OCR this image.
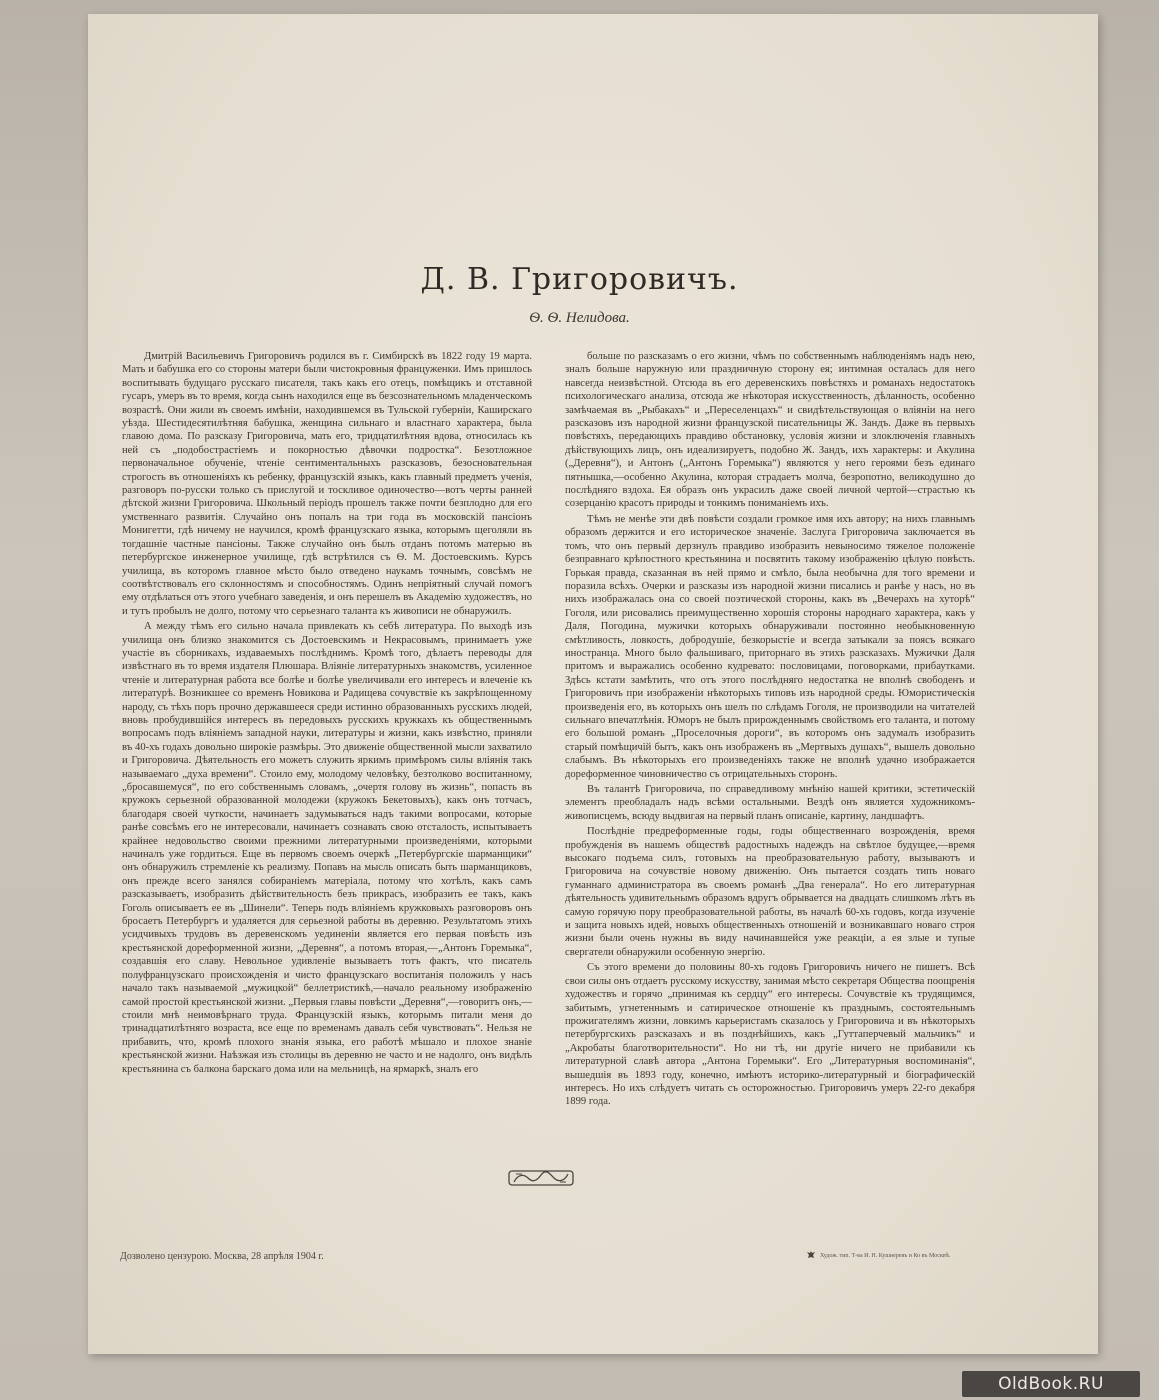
Д. В. Григоровичъ.
Ѳ. Ѳ. Нелидова.

Дмитрій Васильевичъ Григоровичъ родился въ г. Симбирскѣ въ 1822 году 19 марта. Мать и бабушка его со стороны матери были чистокровныя француженки. Имъ пришлось воспитывать будущаго русскаго писателя, такъ какъ его отецъ, помѣщикъ и отставной гусаръ, умеръ въ то время, когда сынъ находился еще въ безсознательномъ младенческомъ возрастѣ. Они жили въ своемъ имѣніи, находившемся въ Тульской губерніи, Каширскаго уѣзда. Шестидесятилѣтняя бабушка, женщина сильнаго и властнаго характера, была главою дома. По разсказу Григоровича, мать его, тридцатилѣтняя вдова, относилась къ ней съ „подобострастіемъ и покорностью дѣвочки подростка“. Безотложное первоначальное обученіе, чтеніе сентиментальныхъ разсказовъ, безосновательная строгость въ отношеніяхъ къ ребенку, французскій языкъ, какъ главный предметъ ученія, разговоръ по-русски только съ прислугой и тоскливое одиночество—вотъ черты ранней дѣтской жизни Григоровича. Школьный періодъ прошелъ также почти безплодно для его умственнаго развитія. Случайно онъ попалъ на три года въ московскій пансіонъ Монигетти, гдѣ ничему не научился, кромѣ французскаго языка, которымъ щеголяли въ тогдашніе частные пансіоны. Также случайно онъ былъ отданъ потомъ матерью въ петербургское инженерное училище, гдѣ встрѣтился съ Ѳ. М. Достоевскимъ. Курсъ училища, въ которомъ главное мѣсто было отведено наукамъ точнымъ, совсѣмъ не соотвѣтствовалъ его склонностямъ и способностямъ. Одинъ непріятный случай помогъ ему отдѣлаться отъ этого учебнаго заведенія, и онъ перешелъ въ Академію художествъ, но и тутъ пробылъ не долго, потому что серьезнаго таланта къ живописи не обнаружилъ.

А между тѣмъ его сильно начала привлекать къ себѣ литература. По выходѣ изъ училища онъ близко знакомится съ Достоевскимъ и Некрасовымъ, принимаетъ уже участіе въ сборникахъ, издаваемыхъ послѣднимъ. Кромѣ того, дѣлаетъ переводы для извѣстнаго въ то время издателя Плюшара. Вліяніе литературныхъ знакомствъ, усиленное чтеніе и литературная работа все болѣе и болѣе увеличивали его интересъ и влеченіе къ литературѣ. Возникшее со временъ Новикова и Радищева сочувствіе къ закрѣпощенному народу, съ тѣхъ поръ прочно державшееся среди истинно образованныхъ русскихъ людей, вновь пробудившійся интересъ въ передовыхъ русскихъ кружкахъ къ общественнымъ вопросамъ подъ вліяніемъ западной науки, литературы и жизни, какъ извѣстно, приняли въ 40-хъ годахъ довольно широкіе размѣры. Это движеніе общественной мысли захватило и Григоровича. Дѣятельность его можетъ служить яркимъ примѣромъ силы вліянія такъ называемаго „духа времени“. Стоило ему, молодому человѣку, безтолково воспитанному, „бросавшемуся“, по его собственнымъ словамъ, „очертя голову въ жизнь“, попасть въ кружокъ серьезной образованной молодежи (кружокъ Бекетовыхъ), какъ онъ тотчасъ, благодаря своей чуткости, начинаетъ задумываться надъ такими вопросами, которые ранѣе совсѣмъ его не интересовали, начинаетъ сознавать свою отсталость, испытываетъ крайнее недовольство своими прежними литературными произведеніями, которыми начиналъ уже гордиться. Еще въ первомъ своемъ очеркѣ „Петербургскіе шарманщики“ онъ обнаружилъ стремленіе къ реализму. Попавъ на мысль описать быть шарманщиковъ, онъ прежде всего занялся собираніемъ матеріала, потому что хотѣлъ, какъ самъ разсказываетъ, изобразить дѣйствительность безъ прикрасъ, изобразить ее такъ, какъ Гоголь описываетъ ее въ „Шинели“. Теперь подъ вліяніемъ кружковыхъ разговоровъ онъ бросаетъ Петербургъ и удаляется для серьезной работы въ деревню. Результатомъ этихъ усидчивыхъ трудовъ въ деревенскомъ уединеніи является его первая повѣсть изъ крестьянской дореформенной жизни, „Деревня“, а потомъ вторая,—„Антонъ Горемыка“, создавшія его славу. Невольное удивленіе вызываетъ тотъ фактъ, что писатель полуфранцузскаго происхожденія и чисто французскаго воспитанія положилъ у насъ начало такъ называемой „мужицкой“ беллетристикѣ,—начало реальному изображенію самой простой крестьянской жизни. „Первыя главы повѣсти „Деревня“,—говоритъ онъ,—стоили мнѣ неимовѣрнаго труда. Французскій языкъ, которымъ питали меня до тринадцатилѣтняго возраста, все еще по временамъ давалъ себя чувствовать“. Нельзя не прибавить, что, кромѣ плохого знанія языка, его работѣ мѣшало и плохое знаніе крестьянской жизни. Наѣзжая изъ столицы въ деревню не часто и не надолго, онъ видѣлъ крестьянина съ балкона барскаго дома или на мельницѣ, на ярмаркѣ, зналъ его

больше по разсказамъ о его жизни, чѣмъ по собственнымъ наблюденіямъ надъ нею, зналъ больше наружную или праздничную сторону ея; интимная осталась для него навсегда неизвѣстной. Отсюда въ его деревенскихъ повѣстяхъ и романахъ недостатокъ психологическаго анализа, отсюда же нѣкоторая искусственность, дѣланность, особенно замѣчаемая въ „Рыбакахъ“ и „Переселенцахъ“ и свидѣтельствующая о вліяніи на него разсказовъ изъ народной жизни французской писательницы Ж. Зандъ. Даже въ первыхъ повѣстяхъ, передающихъ правдиво обстановку, условія жизни и злоключенія главныхъ дѣйствующихъ лицъ, онъ идеализируетъ, подобно Ж. Зандъ, ихъ характеры: и Акулина („Деревня“), и Антонъ („Антонъ Горемыка“) являются у него героями безъ единаго пятнышка,—особенно Акулина, которая страдаетъ молча, безропотно, великодушно до послѣдняго вздоха. Ея образъ онъ украсилъ даже своей личной чертой—страстью къ созерцанію красотъ природы и тонкимъ пониманіемъ ихъ.

Тѣмъ не менѣе эти двѣ повѣсти создали громкое имя ихъ автору; на нихъ главнымъ образомъ держится и его историческое значеніе. Заслуга Григоровича заключается въ томъ, что онъ первый дерзнулъ правдиво изобразить невыносимо тяжелое положеніе безправнаго крѣпостного крестьянина и посвятить такому изображенію цѣлую повѣсть. Горькая правда, сказанная въ ней прямо и смѣло, была необычна для того времени и поразила всѣхъ. Очерки и разсказы изъ народной жизни писались и ранѣе у насъ, но въ нихъ изображалась она со своей поэтической стороны, какъ въ „Вечерахъ на хуторѣ“ Гоголя, или рисовались преимущественно хорошія стороны народнаго характера, какъ у Даля, Погодина, мужички которыхъ обнаруживали постоянно необыкновенную смѣтливость, ловкость, добродушіе, безкорыстіе и всегда затыкали за поясъ всякаго иностранца. Много было фальшиваго, приторнаго въ этихъ разсказахъ. Мужички Даля притомъ и выражались особенно кудревато: пословицами, поговорками, прибаутками. Здѣсь кстати замѣтить, что отъ этого послѣдняго недостатка не вполнѣ свободенъ и Григоровичъ при изображеніи нѣкоторыхъ типовъ изъ народной среды. Юмористическія произведенія его, въ которыхъ онъ шелъ по слѣдамъ Гоголя, не производили на читателей сильнаго впечатлѣнія. Юморъ не былъ прирожденнымъ свойствомъ его таланта, и потому его большой романъ „Проселочныя дороги“, въ которомъ онъ задумалъ изобразить старый помѣщичій бытъ, какъ онъ изображенъ въ „Мертвыхъ душахъ“, вышелъ довольно слабымъ. Въ нѣкоторыхъ его произведеніяхъ также не вполнѣ удачно изображается дореформенное чиновничество съ отрицательныхъ сторонъ.

Въ талантѣ Григоровича, по справедливому мнѣнію нашей критики, эстетическій элементъ преобладалъ надъ всѣми остальными. Вездѣ онъ является художникомъ-живописцемъ, всюду выдвигая на первый планъ описаніе, картину, ландшафтъ.

Послѣдніе предреформенные годы, годы общественнаго возрожденія, время пробужденія въ нашемъ обществѣ радостныхъ надеждъ на свѣтлое будущее,—время высокаго подъема силъ, готовыхъ на преобразовательную работу, вызываютъ и Григоровича на сочувствіе новому движенію. Онъ пытается создать типъ новаго гуманнаго администратора въ своемъ романѣ „Два генерала“. Но его литературная дѣятельность удивительнымъ образомъ вдругъ обрывается на двадцать слишкомъ лѣтъ въ самую горячую пору преобразовательной работы, въ началѣ 60-хъ годовъ, когда изученіе и защита новыхъ идей, новыхъ общественныхъ отношеній и возникавшаго новаго строя жизни были очень нужны въ виду начинавшейся уже реакціи, а ея злые и тупые свергатели обнаружили особенную энергію.

Съ этого времени до половины 80-хъ годовъ Григоровичъ ничего не пишетъ. Всѣ свои силы онъ отдаетъ русскому искусству, занимая мѣсто секретаря Общества поощренія художествъ и горячо „принимая къ сердцу“ его интересы. Сочувствіе къ трудящимся, забитымъ, угнетеннымъ и сатирическое отношеніе къ празднымъ, состоятельнымъ прожигателямъ жизни, ловкимъ карьеристамъ сказалось у Григоровича и въ нѣкоторыхъ петербургскихъ разсказахъ и въ позднѣйшихъ, какъ „Гуттаперчевый мальчикъ“ и „Акробаты благотворительности“. Но ни тѣ, ни другіе ничего не прибавили къ литературной славѣ автора „Антона Горемыки“. Его „Литературныя воспоминанія“, вышедшія въ 1893 году, конечно, имѣютъ историко-литературный и біографическій интересъ. Но ихъ слѣдуетъ читать съ осторожностью. Григоровичъ умеръ 22-го декабря 1899 года.

Дозволено цензурою. Москва, 28 апрѣля 1904 г.	Худож. тип. Т-ва И. Н. Кушнеревъ и Ко въ Москвѣ.
OldBook.RU
